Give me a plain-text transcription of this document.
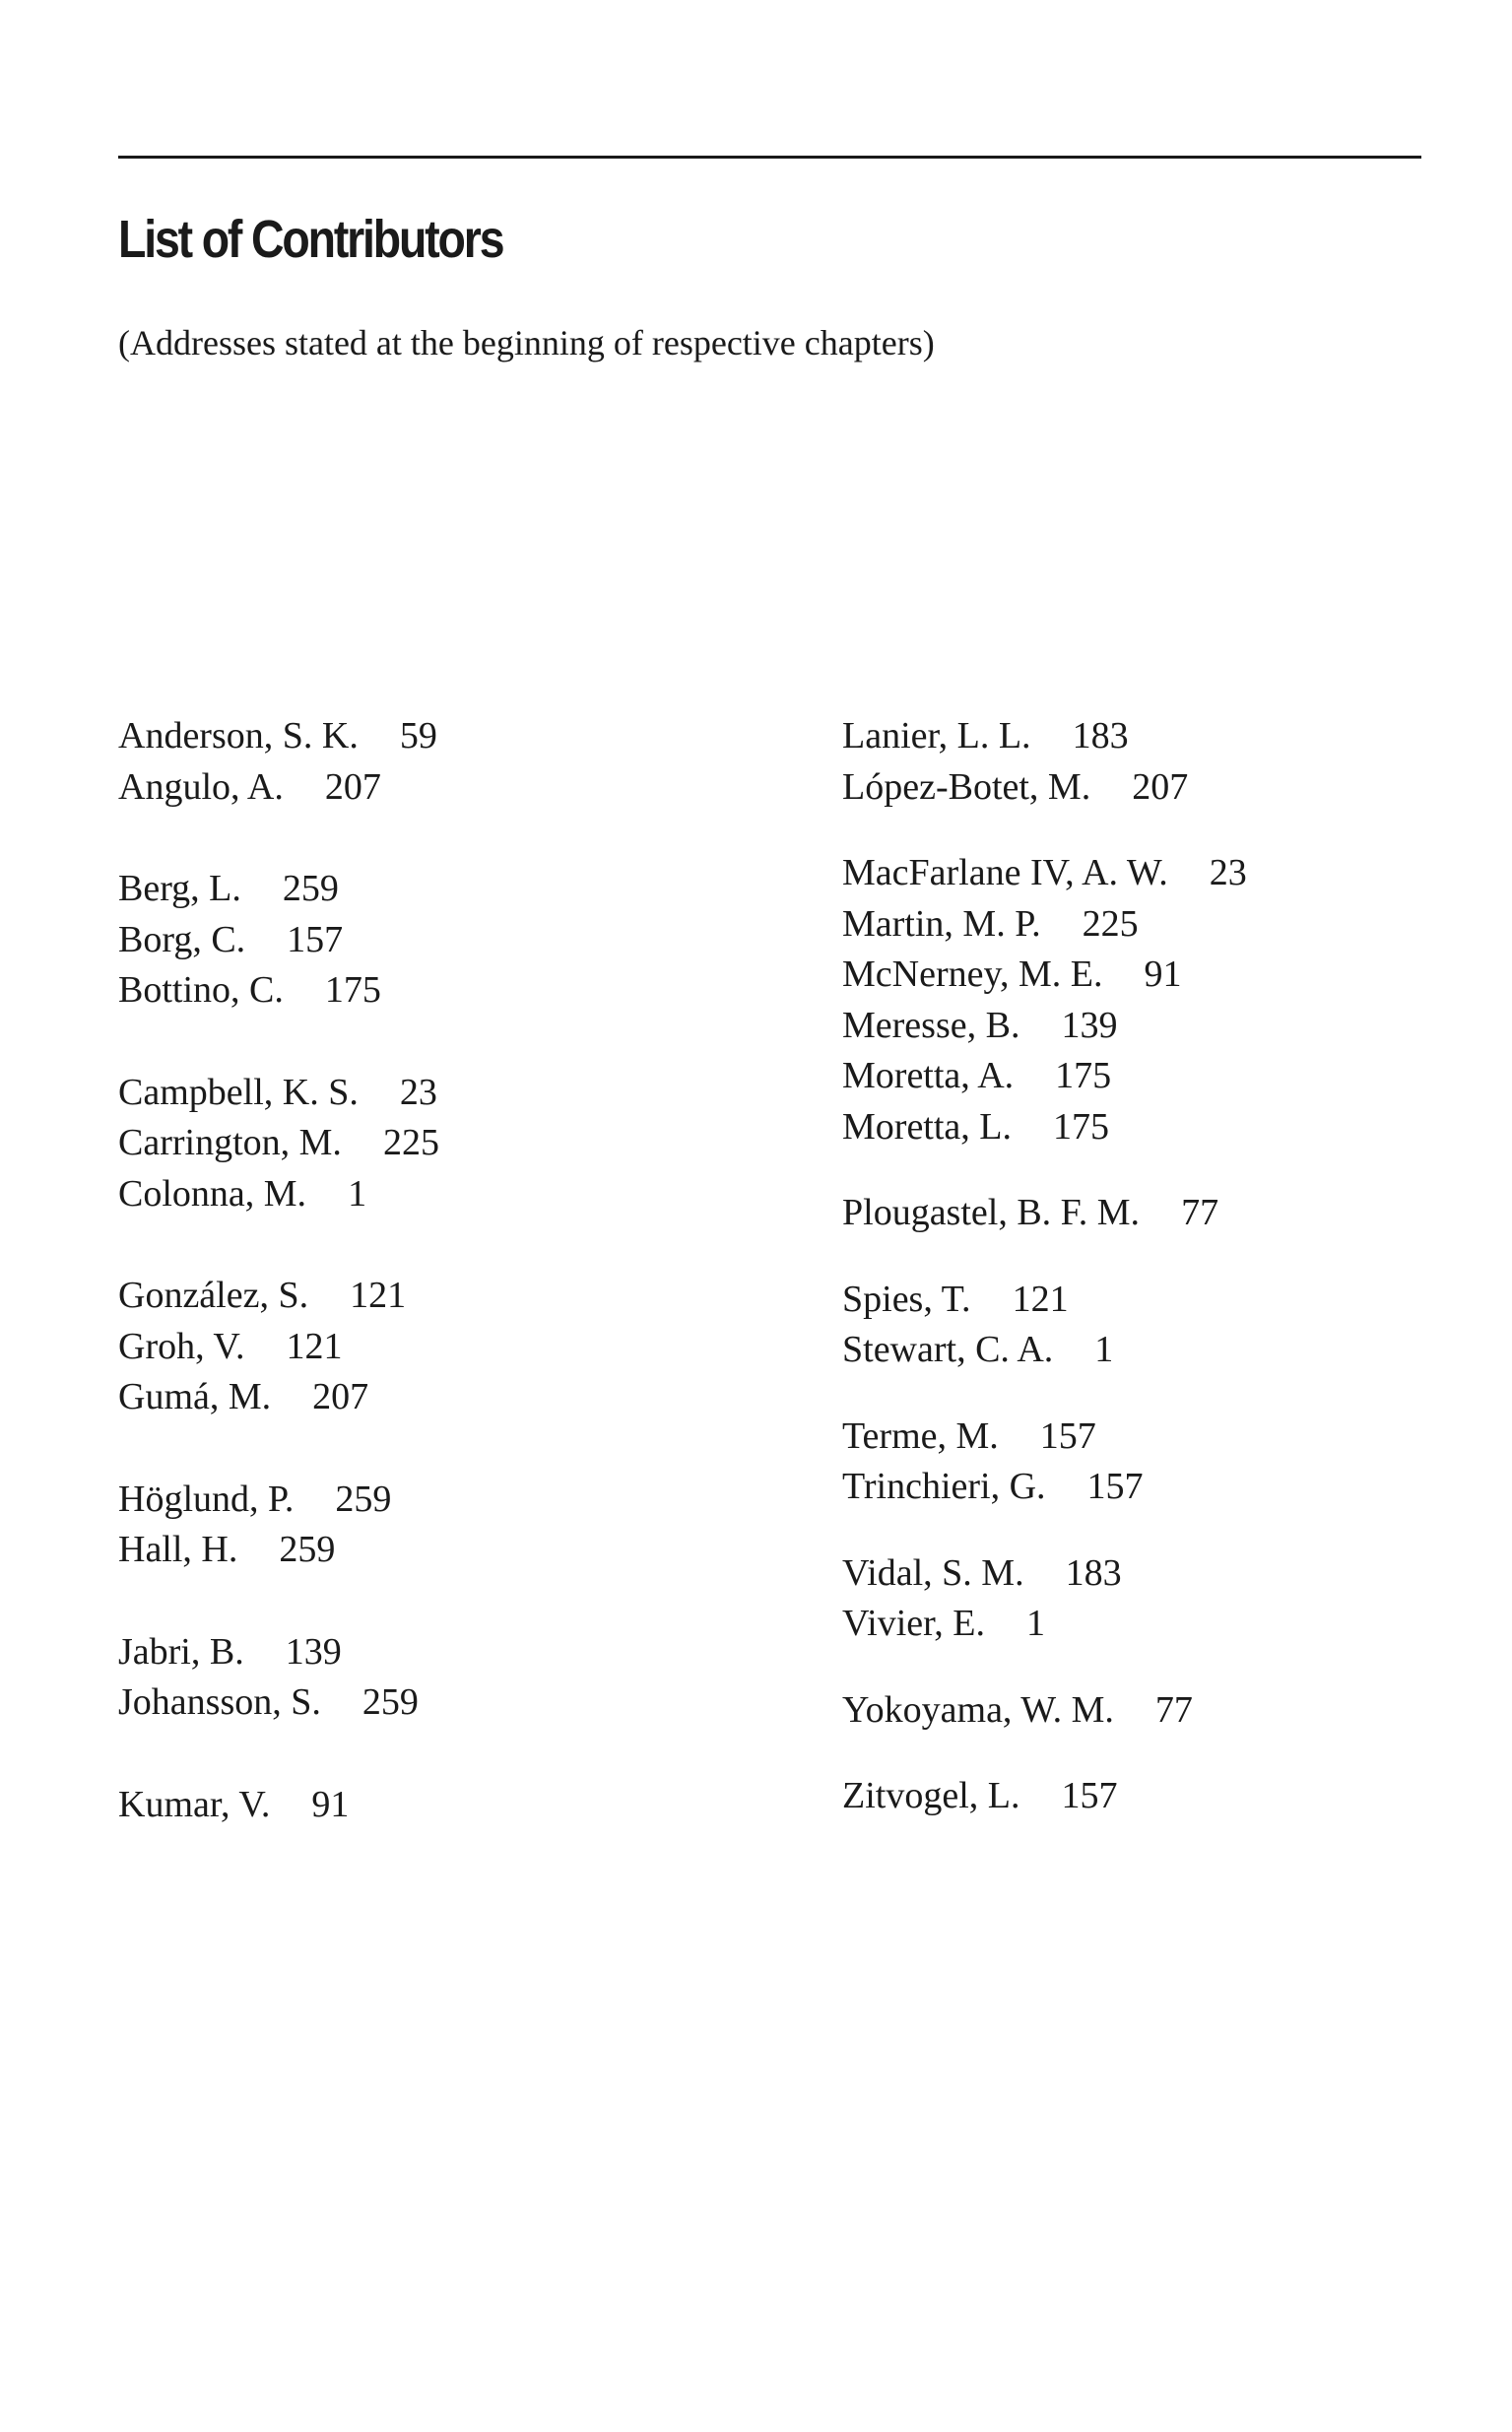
List of Contributors

(Addresses stated at the beginning of respective chapters)

Anderson, S. K. 59
Angulo, A. 207
Berg, L. 259
Borg, C. 157
Bottino, C. 175
Campbell, K. S. 23
Carrington, M. 225
Colonna, M. 1
González, S. 121
Groh, V. 121
Gumá, M. 207
Höglund, P. 259
Hall, H. 259
Jabri, B. 139
Johansson, S. 259
Kumar, V. 91
Lanier, L. L. 183
López-Botet, M. 207
MacFarlane IV, A. W. 23
Martin, M. P. 225
McNerney, M. E. 91
Meresse, B. 139
Moretta, A. 175
Moretta, L. 175
Plougastel, B. F. M. 77
Spies, T. 121
Stewart, C. A. 1
Terme, M. 157
Trinchieri, G. 157
Vidal, S. M. 183
Vivier, E. 1
Yokoyama, W. M. 77
Zitvogel, L. 157
